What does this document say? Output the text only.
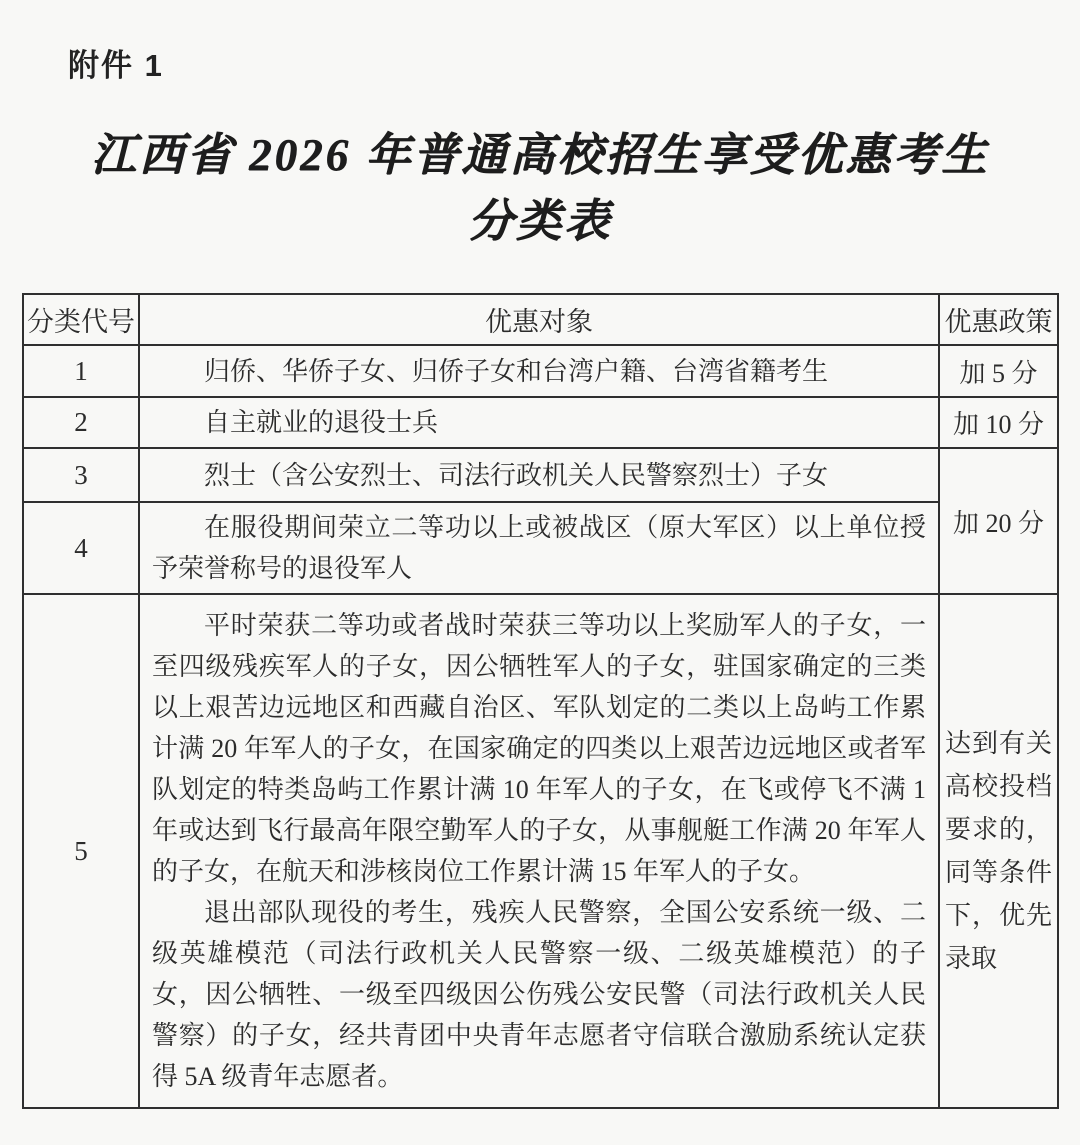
附件 1
江西省 2026 年普通高校招生享受优惠考生
分类表
分类代号	优惠对象	优惠政策
1	归侨、华侨子女、归侨子女和台湾户籍、台湾省籍考生	加 5 分
2	自主就业的退役士兵	加 10 分
3	烈士（含公安烈士、司法行政机关人民警察烈士）子女	加 20 分
4	在服役期间荣立二等功以上或被战区（原大军区）以上单位授予荣誉称号的退役军人	

5	平时荣获二等功或者战时荣获三等功以上奖励军人的子女，一至四级残疾军人的子女，因公牺牲军人的子女，驻国家确定的三类以上艰苦边远地区和西藏自治区、军队划定的二类以上岛屿工作累计满 20 年军人的子女，在国家确定的四类以上艰苦边远地区或者军队划定的特类岛屿工作累计满 10 年军人的子女，在飞或停飞不满 1 年或达到飞行最高年限空勤军人的子女，从事舰艇工作满 20 年军人的子女，在航天和涉核岗位工作累计满 15 年军人的子女。

退出部队现役的考生，残疾人民警察，全国公安系统一级、二级英雄模范（司法行政机关人民警察一级、二级英雄模范）的子女，因公牺牲、一级至四级因公伤残公安民警（司法行政机关人民警察）的子女，经共青团中央青年志愿者守信联合激励系统认定获得 5A 级青年志愿者。	达到有关高校投档要求的，同等条件下，优先录取
